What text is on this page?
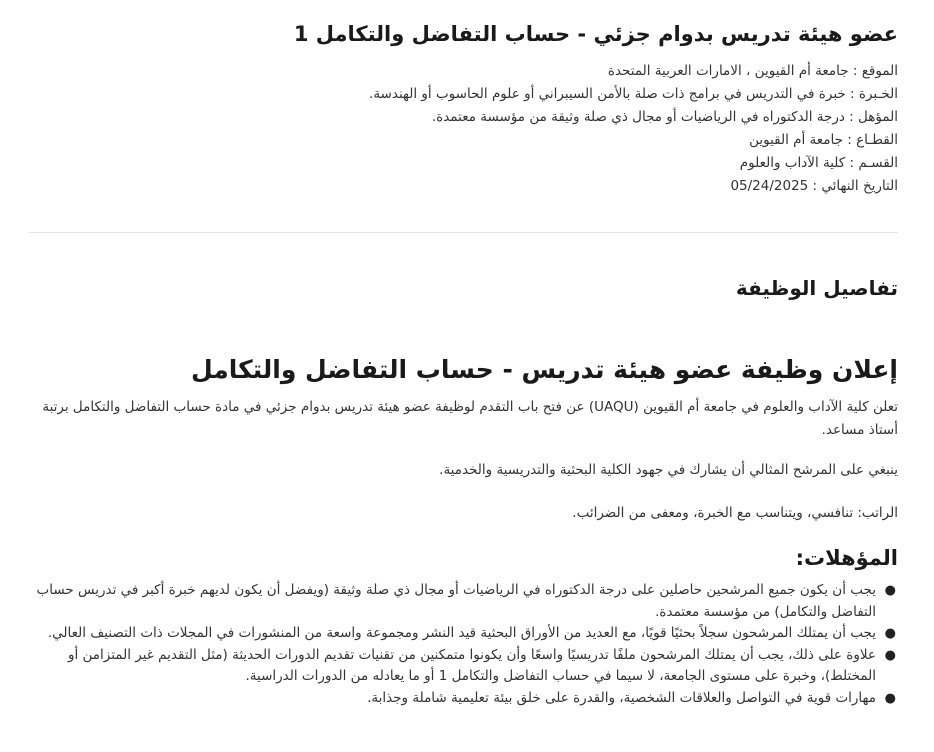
عضو هيئة تدريس بدوام جزئي - حساب التفاضل والتكامل 1
الموقع : جامعة أم القيوين ، الامارات العربية المتحدة
الخـبرة : خبرة في التدريس في برامج ذات صلة بالأمن السيبراني أو علوم الحاسوب أو الهندسة.
المؤهل : درجة الدكتوراه في الرياضيات أو مجال ذي صلة وثيقة من مؤسسة معتمدة.
القطـاع : جامعة أم القيوين
القسـم : كلية الآداب والعلوم
التاريخ النهائي : 05/24/2025
تفاصيل الوظيفة
إعلان وظيفة عضو هيئة تدريس - حساب التفاضل والتكامل

تعلن كلية الآداب والعلوم في جامعة أم القيوين (UAQU) عن فتح باب التقدم لوظيفة عضو هيئة تدريس بدوام جزئي في مادة حساب التفاضل والتكامل برتبة أستاذ مساعد.

ينبغي على المرشح المثالي أن يشارك في جهود الكلية البحثية والتدريسية والخدمية.

الراتب: تنافسي، ويتناسب مع الخبرة، ومعفى من الضرائب.

المؤهلات:
●
يجب أن يكون جميع المرشحين حاصلين على درجة الدكتوراه في الرياضيات أو مجال ذي صلة وثيقة (ويفضل أن يكون لديهم خبرة أكبر في تدريس حساب التفاضل والتكامل) من مؤسسة معتمدة.
●
يجب أن يمتلك المرشحون سجلاً بحثيًا قويًا، مع العديد من الأوراق البحثية قيد النشر ومجموعة واسعة من المنشورات في المجلات ذات التصنيف العالي.
●
علاوة على ذلك، يجب أن يمتلك المرشحون ملفًا تدريسيًا واسعًا وأن يكونوا متمكنين من تقنيات تقديم الدورات الحديثة (مثل التقديم غير المتزامن أو المختلط)، وخبرة على مستوى الجامعة، لا سيما في حساب التفاضل والتكامل 1 أو ما يعادله من الدورات الدراسية.
●
مهارات قوية في التواصل والعلاقات الشخصية، والقدرة على خلق بيئة تعليمية شاملة وجذابة.
